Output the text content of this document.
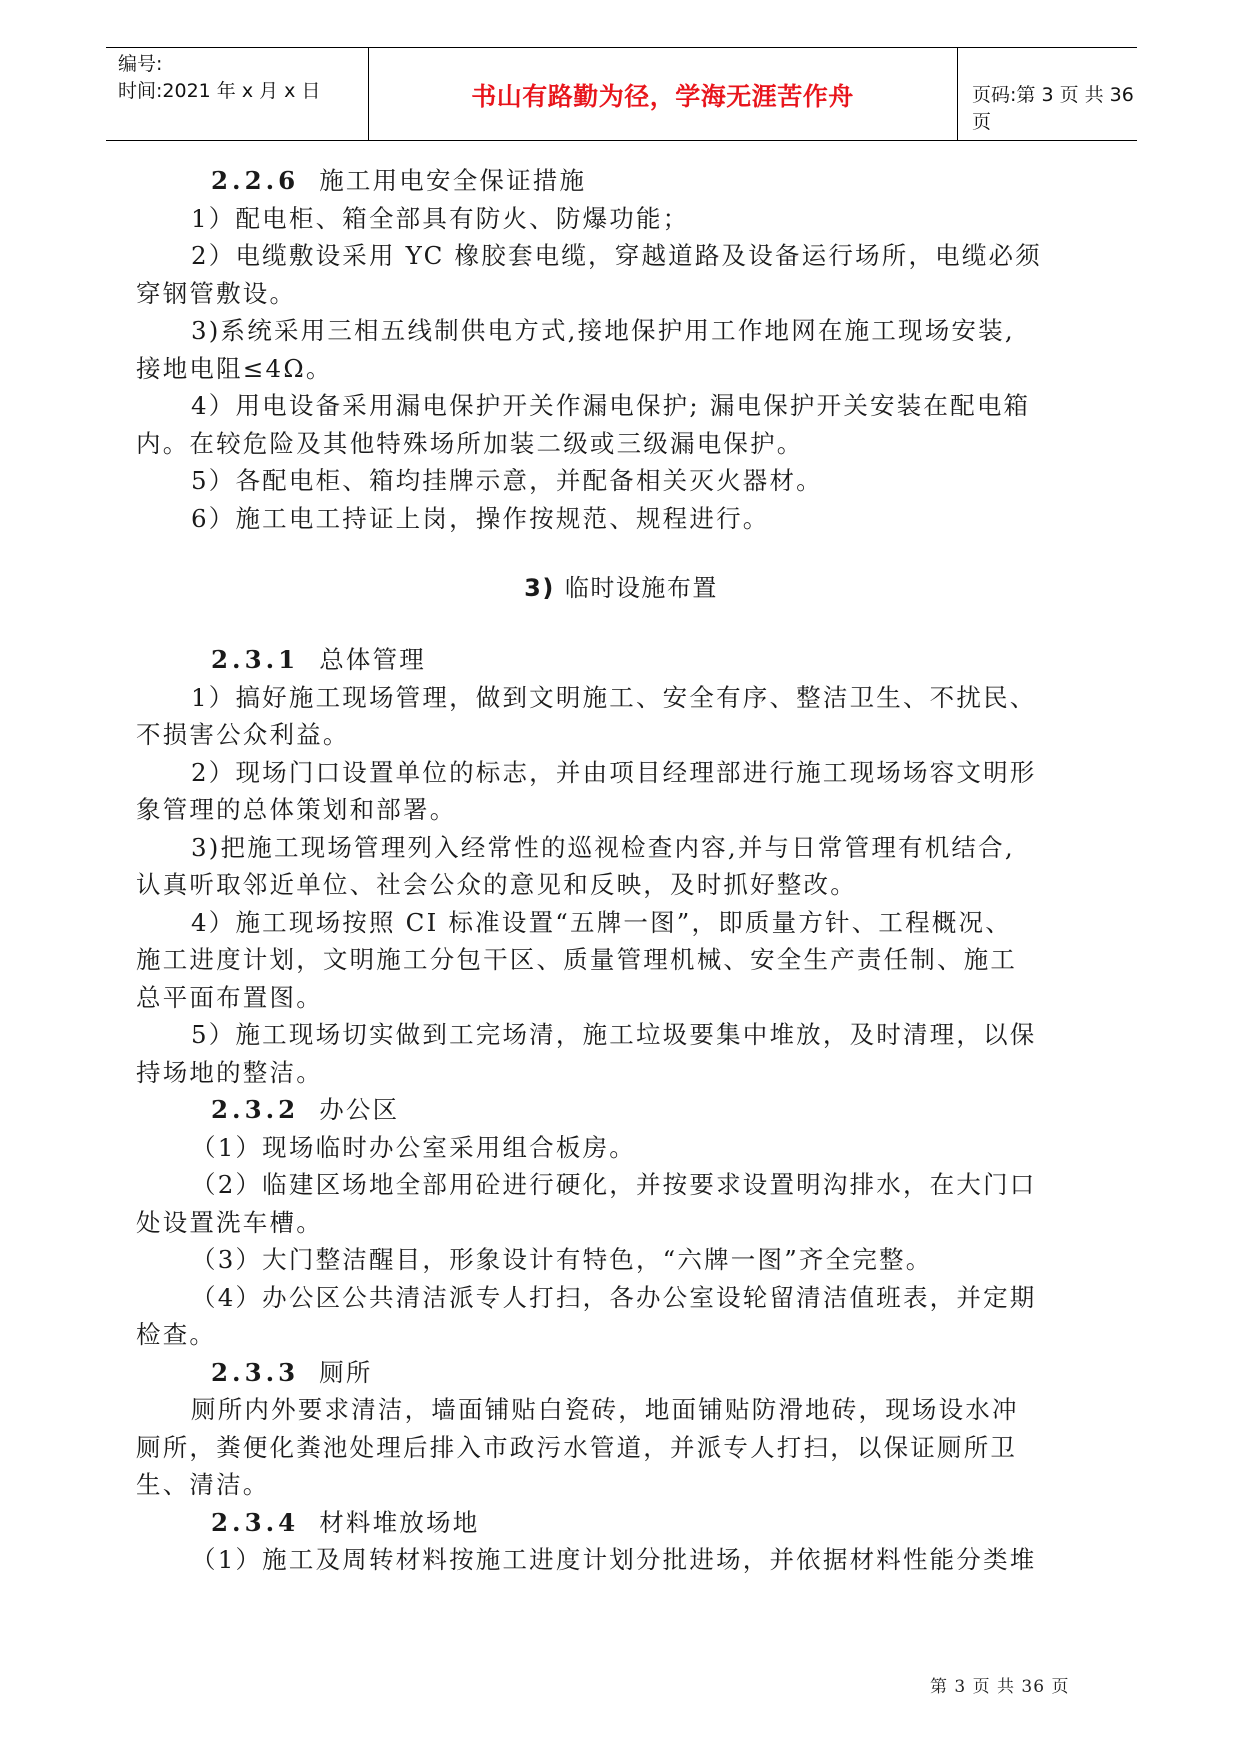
编号:
时间:2021 年 x 月 x 日	书山有路勤为径，学海无涯苦作舟	页码:第 3 页 共 36 页
2.2.6 施工用电安全保证措施
1）配电柜、箱全部具有防火、防爆功能；
2）电缆敷设采用 YC 橡胶套电缆，穿越道路及设备运行场所，电缆必须
穿钢管敷设。
3)系统采用三相五线制供电方式,接地保护用工作地网在施工现场安装,
接地电阻≤4Ω。
4）用电设备采用漏电保护开关作漏电保护; 漏电保护开关安装在配电箱
内。在较危险及其他特殊场所加装二级或三级漏电保护。
5）各配电柜、箱均挂牌示意，并配备相关灭火器材。
6）施工电工持证上岗，操作按规范、规程进行。
3) 临时设施布置
2.3.1 总体管理
1）搞好施工现场管理，做到文明施工、安全有序、整洁卫生、不扰民、
不损害公众利益。
2）现场门口设置单位的标志，并由项目经理部进行施工现场场容文明形
象管理的总体策划和部署。
3)把施工现场管理列入经常性的巡视检查内容,并与日常管理有机结合,
认真听取邻近单位、社会公众的意见和反映，及时抓好整改。
4）施工现场按照 CI 标准设置“五牌一图”，即质量方针、工程概况、
施工进度计划，文明施工分包干区、质量管理机械、安全生产责任制、施工
总平面布置图。
5）施工现场切实做到工完场清，施工垃圾要集中堆放，及时清理，以保
持场地的整洁。
2.3.2 办公区
（1）现场临时办公室采用组合板房。
（2）临建区场地全部用砼进行硬化，并按要求设置明沟排水，在大门口
处设置洗车槽。
（3）大门整洁醒目，形象设计有特色，“六牌一图”齐全完整。
（4）办公区公共清洁派专人打扫，各办公室设轮留清洁值班表，并定期
检查。
2.3.3 厕所
厕所内外要求清洁，墙面铺贴白瓷砖，地面铺贴防滑地砖，现场设水冲
厕所，粪便化粪池处理后排入市政污水管道，并派专人打扫，以保证厕所卫
生、清洁。
2.3.4 材料堆放场地
（1）施工及周转材料按施工进度计划分批进场，并依据材料性能分类堆
第 3 页 共 36 页
